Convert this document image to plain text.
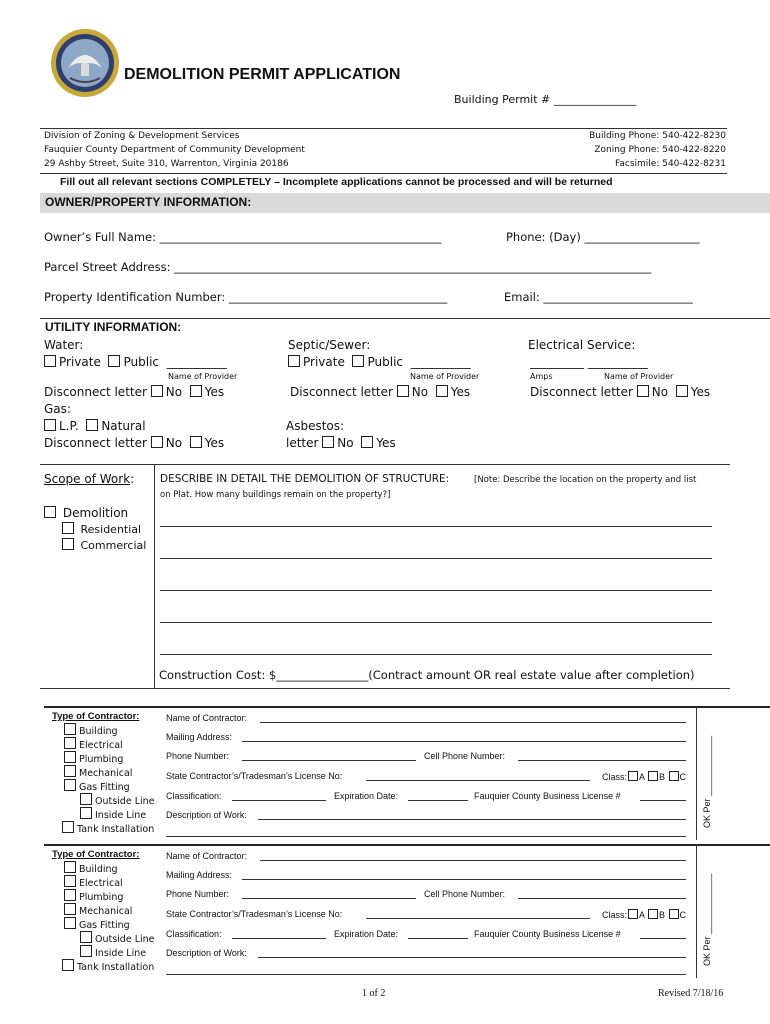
DEMOLITION PERMIT APPLICATION
Building Permit # _______________
Division of Zoning & Development Services
Fauquier County Department of Community Development
29 Ashby Street, Suite 310, Warrenton, Virginia 20186
Building Phone: 540-422-8230
Zoning Phone: 540-422-8220
Facsimile: 540-422-8231
Fill out all relevant sections COMPLETELY – Incomplete applications cannot be processed and will be returned
OWNER/PROPERTY INFORMATION:
Owner’s Full Name: _________________________________________________	Phone: (Day) ____________________
Parcel Street Address: ___________________________________________________________________________________
Property Identification Number: ______________________________________	Email: __________________________
UTILITY INFORMATION:
Water:
Private Public __________
Name of Provider
Disconnect letter No Yes
Septic/Sewer:
Private Public __________
Name of Provider
Disconnect letter No Yes
Electrical Service:
_________ __________
Amps	Name of Provider
Disconnect letter No Yes
Gas:
L.P. Natural
Disconnect letter No Yes
Asbestos:
letter No Yes
Scope of Work:
Demolition
Residential
Commercial
DESCRIBE IN DETAIL THE DEMOLITION OF STRUCTURE:	[Note: Describe the location on the property and list
on Plat. How many buildings remain on the property?]
Construction Cost: $________________(Contract amount OR real estate value after completion)
Type of Contractor:
Building
Electrical
Plumbing
Mechanical
Gas Fitting
Outside Line
Inside Line
Tank Installation
Name of Contractor:
Mailing Address:
Phone Number:	Cell Phone Number:
State Contractor’s/Tradesman’s License No:	Class: A B C
Classification:	Expiration Date:	Fauquier County Business License #
Description of Work:	OK Per ____________
Type of Contractor:
Building
Electrical
Plumbing
Mechanical
Gas Fitting
Outside Line
Inside Line
Tank Installation
Name of Contractor:
Mailing Address:
Phone Number:	Cell Phone Number:
State Contractor’s/Tradesman’s License No:	Class: A B C
Classification:	Expiration Date:	Fauquier County Business License #
Description of Work:	OK Per ____________
1 of 2	Revised 7/18/16
